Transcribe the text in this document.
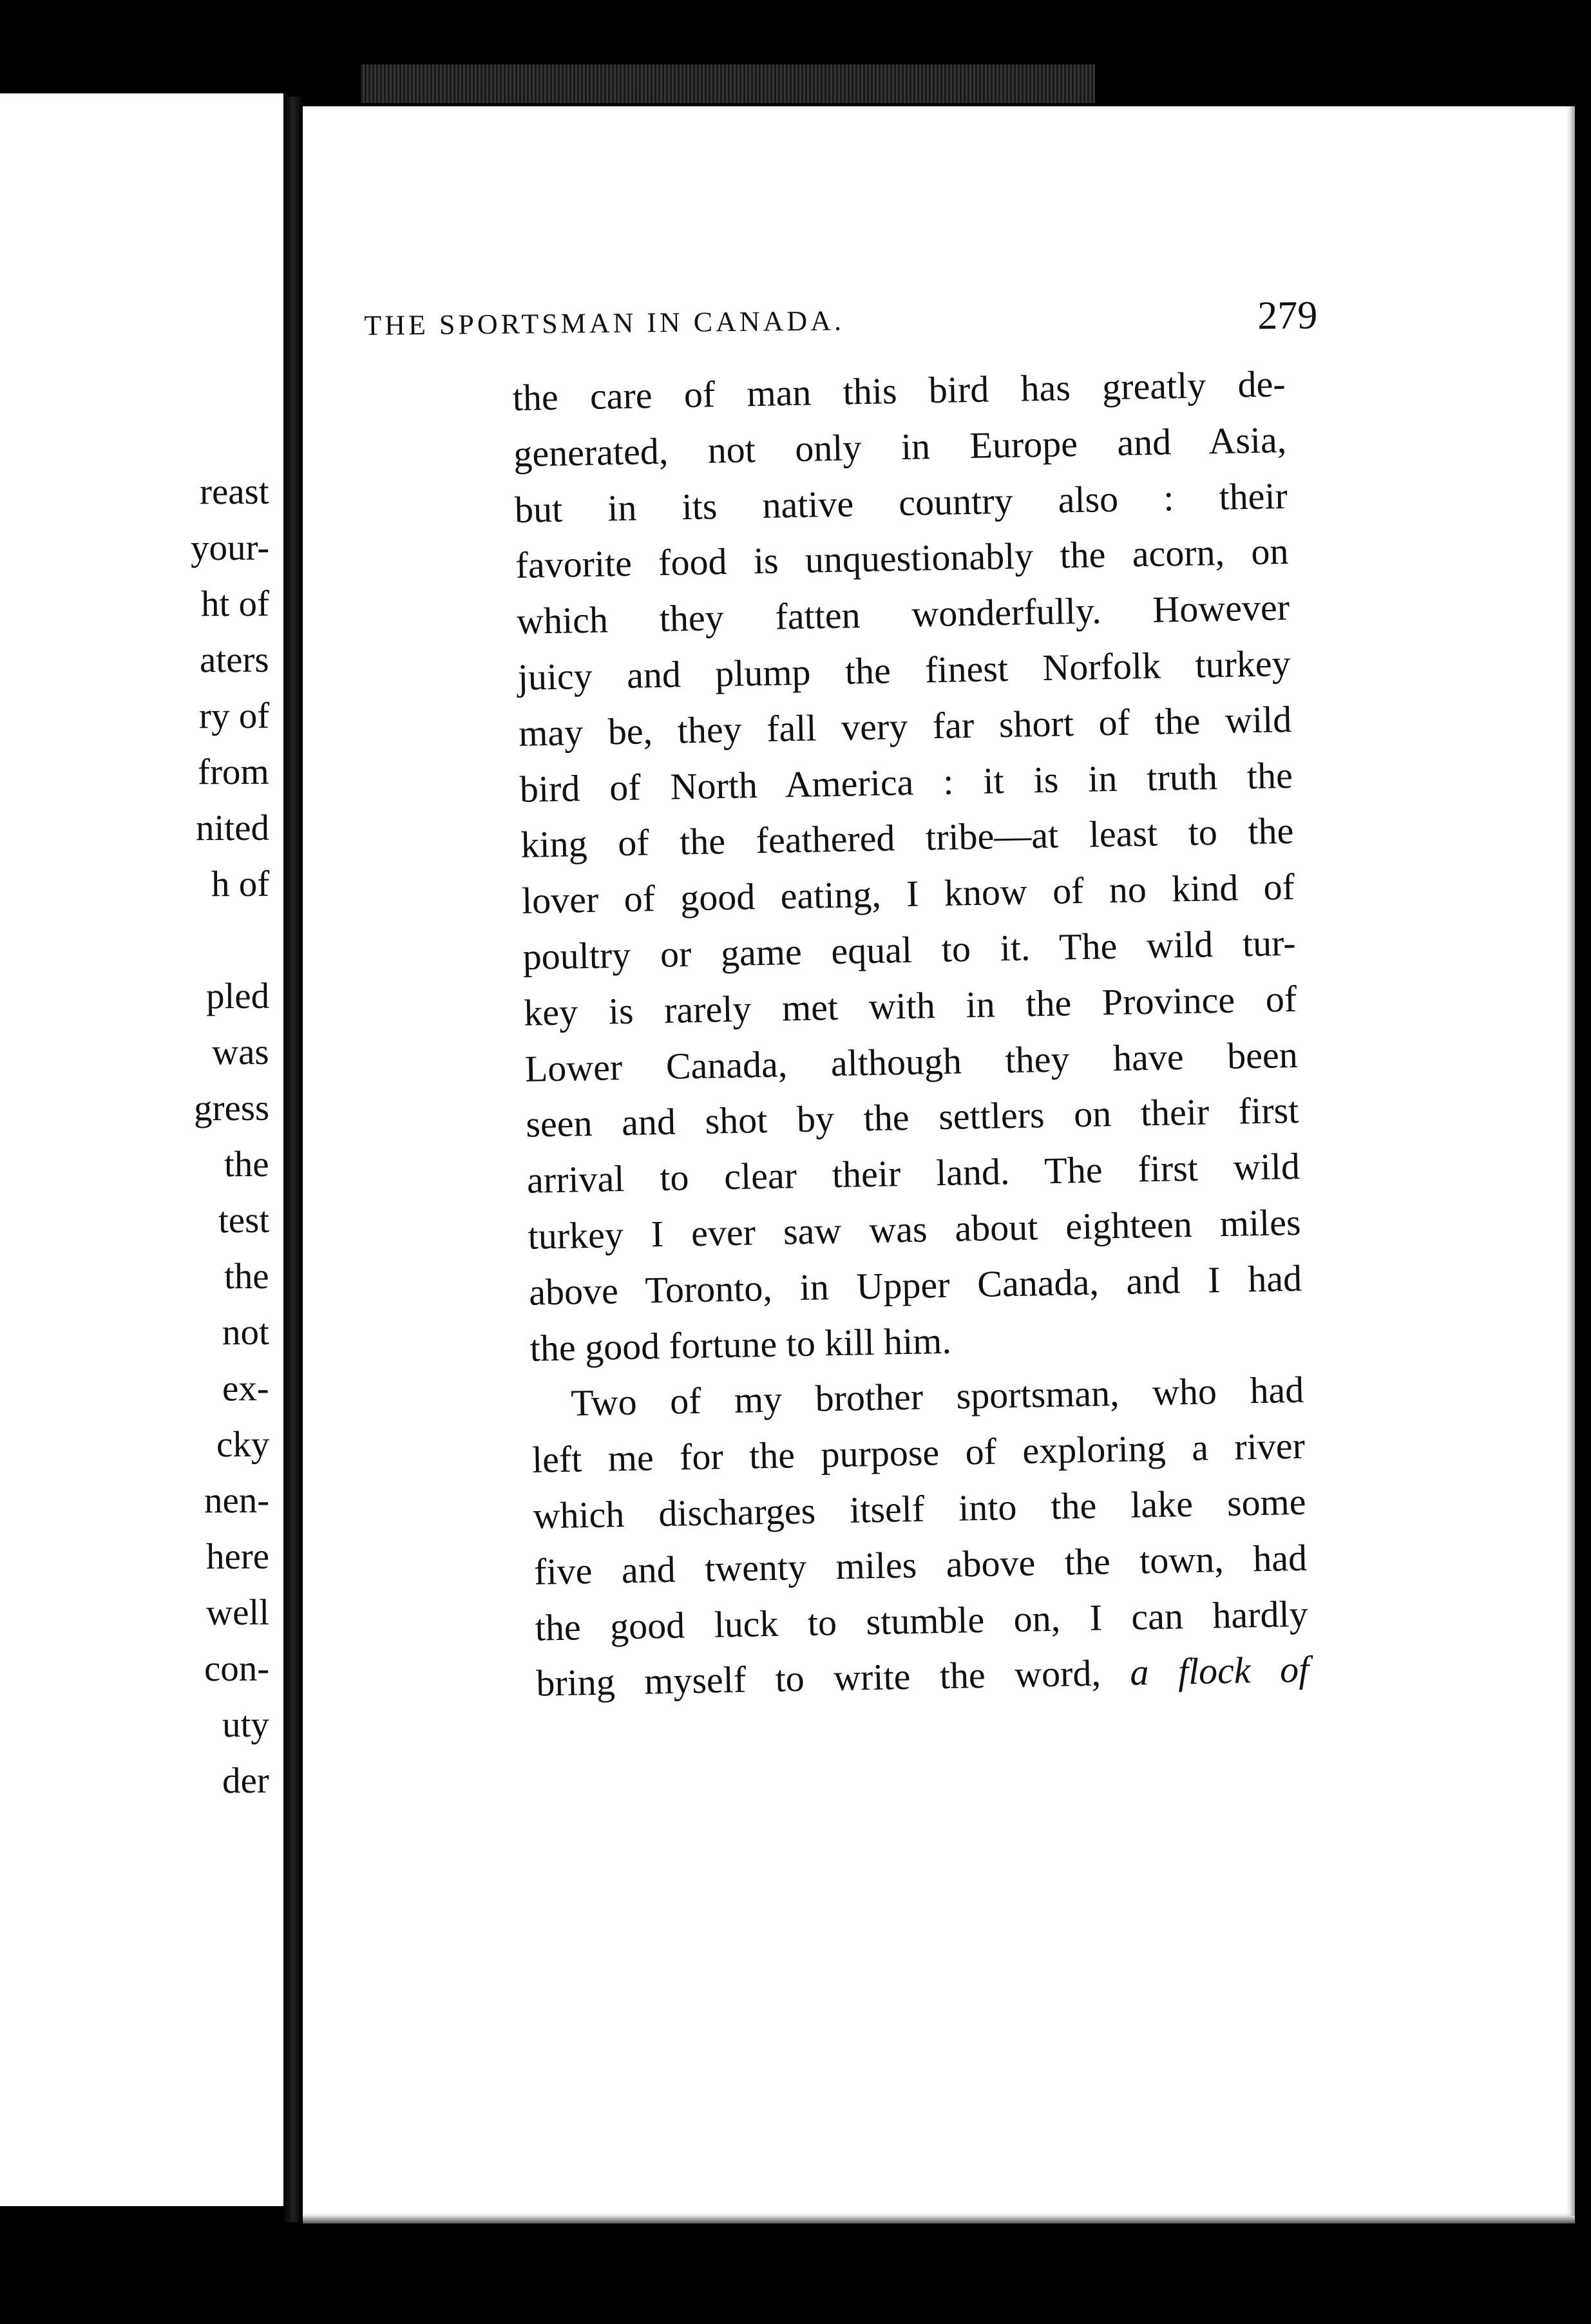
reast
your-
ht of
aters
ry of
from
nited
h of
pled
was
gress
the
test
the
not
ex-
cky
nen-
here
well
con-
uty
der
THE SPORTSMAN IN CANADA.	279
the care of man this bird has greatly de-
generated, not only in Europe and Asia,
but in its native country also : their
favorite food is unquestionably the acorn, on
which they fatten wonderfully. However
juicy and plump the finest Norfolk turkey
may be, they fall very far short of the wild
bird of North America : it is in truth the
king of the feathered tribe—at least to the
lover of good eating, I know of no kind of
poultry or game equal to it. The wild tur-
key is rarely met with in the Province of
Lower Canada, although they have been
seen and shot by the settlers on their first
arrival to clear their land. The first wild
turkey I ever saw was about eighteen miles
above Toronto, in Upper Canada, and I had
the good fortune to kill him.
Two of my brother sportsman, who had
left me for the purpose of exploring a river
which discharges itself into the lake some
five and twenty miles above the town, had
the good luck to stumble on, I can hardly
bring myself to write the word, a flock of
